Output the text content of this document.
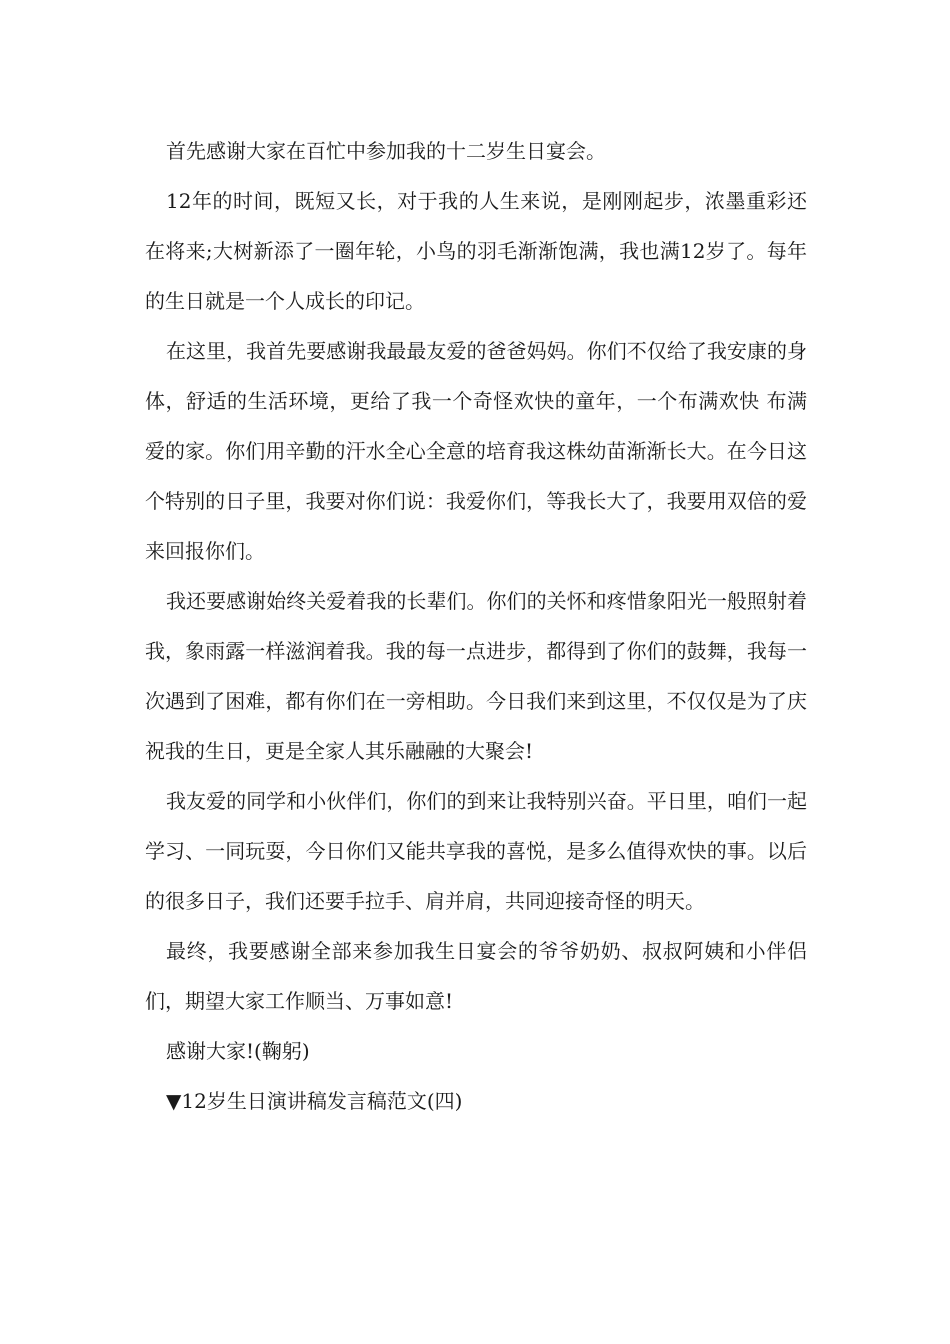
首先感谢大家在百忙中参加我的十二岁生日宴会。

12年的时间，既短又长，对于我的人生来说，是刚刚起步，浓墨重彩还在将来;大树新添了一圈年轮，小鸟的羽毛渐渐饱满，我也满12岁了。每年的生日就是一个人成长的印记。

在这里，我首先要感谢我最最友爱的爸爸妈妈。你们不仅给了我安康的身体，舒适的生活环境，更给了我一个奇怪欢快的童年，一个布满欢快 布满爱的家。你们用辛勤的汗水全心全意的培育我这株幼苗渐渐长大。在今日这个特别的日子里，我要对你们说：我爱你们，等我长大了，我要用双倍的爱来回报你们。

我还要感谢始终关爱着我的长辈们。你们的关怀和疼惜象阳光一般照射着我，象雨露一样滋润着我。我的每一点进步，都得到了你们的鼓舞，我每一次遇到了困难，都有你们在一旁相助。今日我们来到这里，不仅仅是为了庆祝我的生日，更是全家人其乐融融的大聚会!

我友爱的同学和小伙伴们，你们的到来让我特别兴奋。平日里，咱们一起学习、一同玩耍，今日你们又能共享我的喜悦，是多么值得欢快的事。以后的很多日子，我们还要手拉手、肩并肩，共同迎接奇怪的明天。

最终，我要感谢全部来参加我生日宴会的爷爷奶奶、叔叔阿姨和小伴侣们，期望大家工作顺当、万事如意!

感谢大家!(鞠躬)

▼12岁生日演讲稿发言稿范文(四)
